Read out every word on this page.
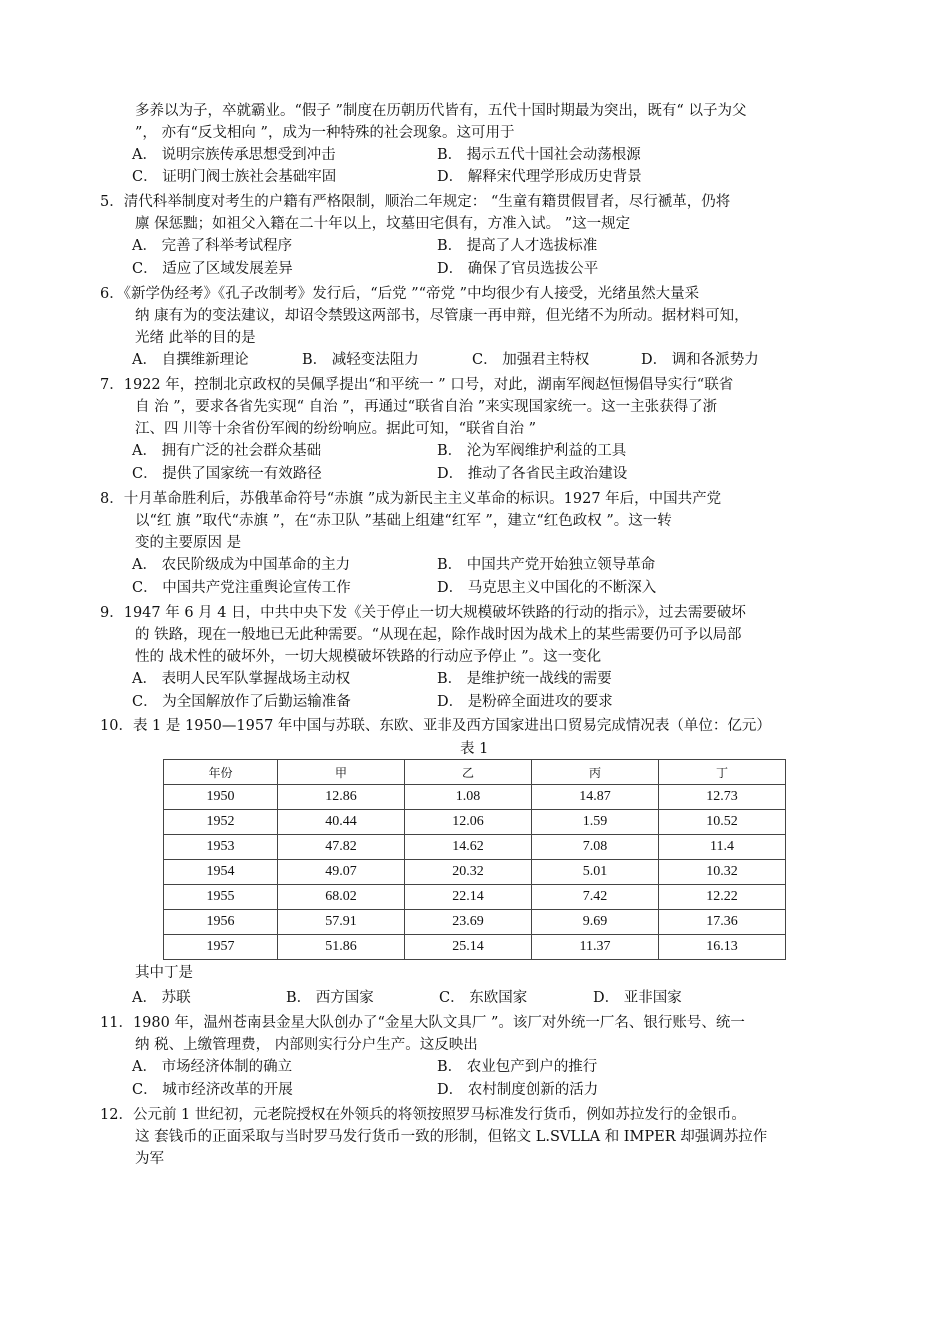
多养以为子，卒就霸业。“假子 ”制度在历朝历代皆有，五代十国时期最为突出，既有“ 以子为父
”， 亦有“反戈相向 ”，成为一种特殊的社会现象。这可用于
A． 说明宗族传承思想受到冲击	B． 揭示五代十国社会动荡根源
C． 证明门阀士族社会基础牢固	D． 解释宋代理学形成历史背景
5．清代科举制度对考生的户籍有严格限制，顺治二年规定： “生童有籍贯假冒者，尽行褫革，仍将
廪 保惩黜；如祖父入籍在二十年以上，坟墓田宅俱有，方准入试。 ”这一规定
A． 完善了科举考试程序	B． 提高了人才选拔标准
C． 适应了区域发展差异	D． 确保了官员选拔公平
6．《新学伪经考》《孔子改制考》发行后，“后党 ”“帝党 ”中均很少有人接受，光绪虽然大量采
纳 康有为的变法建议，却诏令禁毁这两部书，尽管康一再申辩，但光绪不为所动。据材料可知，
光绪 此举的目的是
A． 自撰维新理论	B． 减轻变法阻力	C． 加强君主特权	D． 调和各派势力
7．1922 年，控制北京政权的吴佩孚提出“和平统一 ” 口号，对此，湖南军阀赵恒惕倡导实行“联省
自 治 ”，要求各省先实现“ 自治 ”，再通过“联省自治 ”来实现国家统一。这一主张获得了浙
江、四 川等十余省份军阀的纷纷响应。据此可知，“联省自治 ”
A． 拥有广泛的社会群众基础	B． 沦为军阀维护利益的工具
C． 提供了国家统一有效路径	D． 推动了各省民主政治建设
8．十月革命胜利后，苏俄革命符号“赤旗 ”成为新民主主义革命的标识。1927 年后，中国共产党
以“红 旗 ”取代“赤旗 ”，在“赤卫队 ”基础上组建“红军 ”，建立“红色政权 ”。这一转
变的主要原因 是
A． 农民阶级成为中国革命的主力	B． 中国共产党开始独立领导革命
C． 中国共产党注重舆论宣传工作	D． 马克思主义中国化的不断深入
9．1947 年 6 月 4 日，中共中央下发《关于停止一切大规模破坏铁路的行动的指示》，过去需要破坏
的 铁路，现在一般地已无此种需要。“从现在起，除作战时因为战术上的某些需要仍可予以局部
性的 战术性的破坏外，一切大规模破坏铁路的行动应予停止 ”。这一变化
A． 表明人民军队掌握战场主动权	B． 是维护统一战线的需要
C． 为全国解放作了后勤运输准备	D． 是粉碎全面进攻的要求
10．表 1 是 1950—1957 年中国与苏联、东欧、亚非及西方国家进出口贸易完成情况表（单位：亿元）
表 1
年份	甲	乙	丙	丁
1950	12.86	1.08	14.87	12.73
1952	40.44	12.06	1.59	10.52
1953	47.82	14.62	7.08	11.4
1954	49.07	20.32	5.01	10.32
1955	68.02	22.14	7.42	12.22
1956	57.91	23.69	9.69	17.36
1957	51.86	25.14	11.37	16.13
其中丁是
A． 苏联	B． 西方国家	C． 东欧国家	D． 亚非国家
11．1980 年，温州苍南县金星大队创办了“金星大队文具厂 ”。该厂对外统一厂名、银行账号、统一
纳 税、上缴管理费， 内部则实行分户生产。这反映出
A． 市场经济体制的确立	B． 农业包产到户的推行
C． 城市经济改革的开展	D． 农村制度创新的活力
12．公元前 1 世纪初，元老院授权在外领兵的将领按照罗马标准发行货币，例如苏拉发行的金银币。
这 套钱币的正面采取与当时罗马发行货币一致的形制，但铭文 L.SVLLA 和 IMPER 却强调苏拉作
为军
